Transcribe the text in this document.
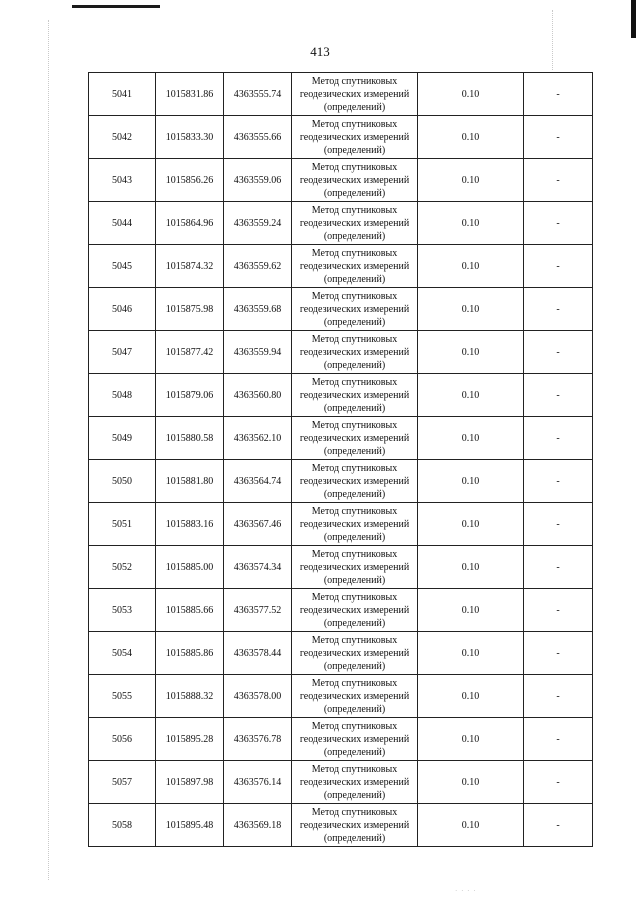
413
5041	1015831.86	4363555.74	Метод спутниковых
геодезических измерений
(определений)	0.10	-
5042	1015833.30	4363555.66	Метод спутниковых
геодезических измерений
(определений)	0.10	-
5043	1015856.26	4363559.06	Метод спутниковых
геодезических измерений
(определений)	0.10	-
5044	1015864.96	4363559.24	Метод спутниковых
геодезических измерений
(определений)	0.10	-
5045	1015874.32	4363559.62	Метод спутниковых
геодезических измерений
(определений)	0.10	-
5046	1015875.98	4363559.68	Метод спутниковых
геодезических измерений
(определений)	0.10	-
5047	1015877.42	4363559.94	Метод спутниковых
геодезических измерений
(определений)	0.10	-
5048	1015879.06	4363560.80	Метод спутниковых
геодезических измерений
(определений)	0.10	-
5049	1015880.58	4363562.10	Метод спутниковых
геодезических измерений
(определений)	0.10	-
5050	1015881.80	4363564.74	Метод спутниковых
геодезических измерений
(определений)	0.10	-
5051	1015883.16	4363567.46	Метод спутниковых
геодезических измерений
(определений)	0.10	-
5052	1015885.00	4363574.34	Метод спутниковых
геодезических измерений
(определений)	0.10	-
5053	1015885.66	4363577.52	Метод спутниковых
геодезических измерений
(определений)	0.10	-
5054	1015885.86	4363578.44	Метод спутниковых
геодезических измерений
(определений)	0.10	-
5055	1015888.32	4363578.00	Метод спутниковых
геодезических измерений
(определений)	0.10	-
5056	1015895.28	4363576.78	Метод спутниковых
геодезических измерений
(определений)	0.10	-
5057	1015897.98	4363576.14	Метод спутниковых
геодезических измерений
(определений)	0.10	-
5058	1015895.48	4363569.18	Метод спутниковых
геодезических измерений
(определений)	0.10	-
· · · ·
